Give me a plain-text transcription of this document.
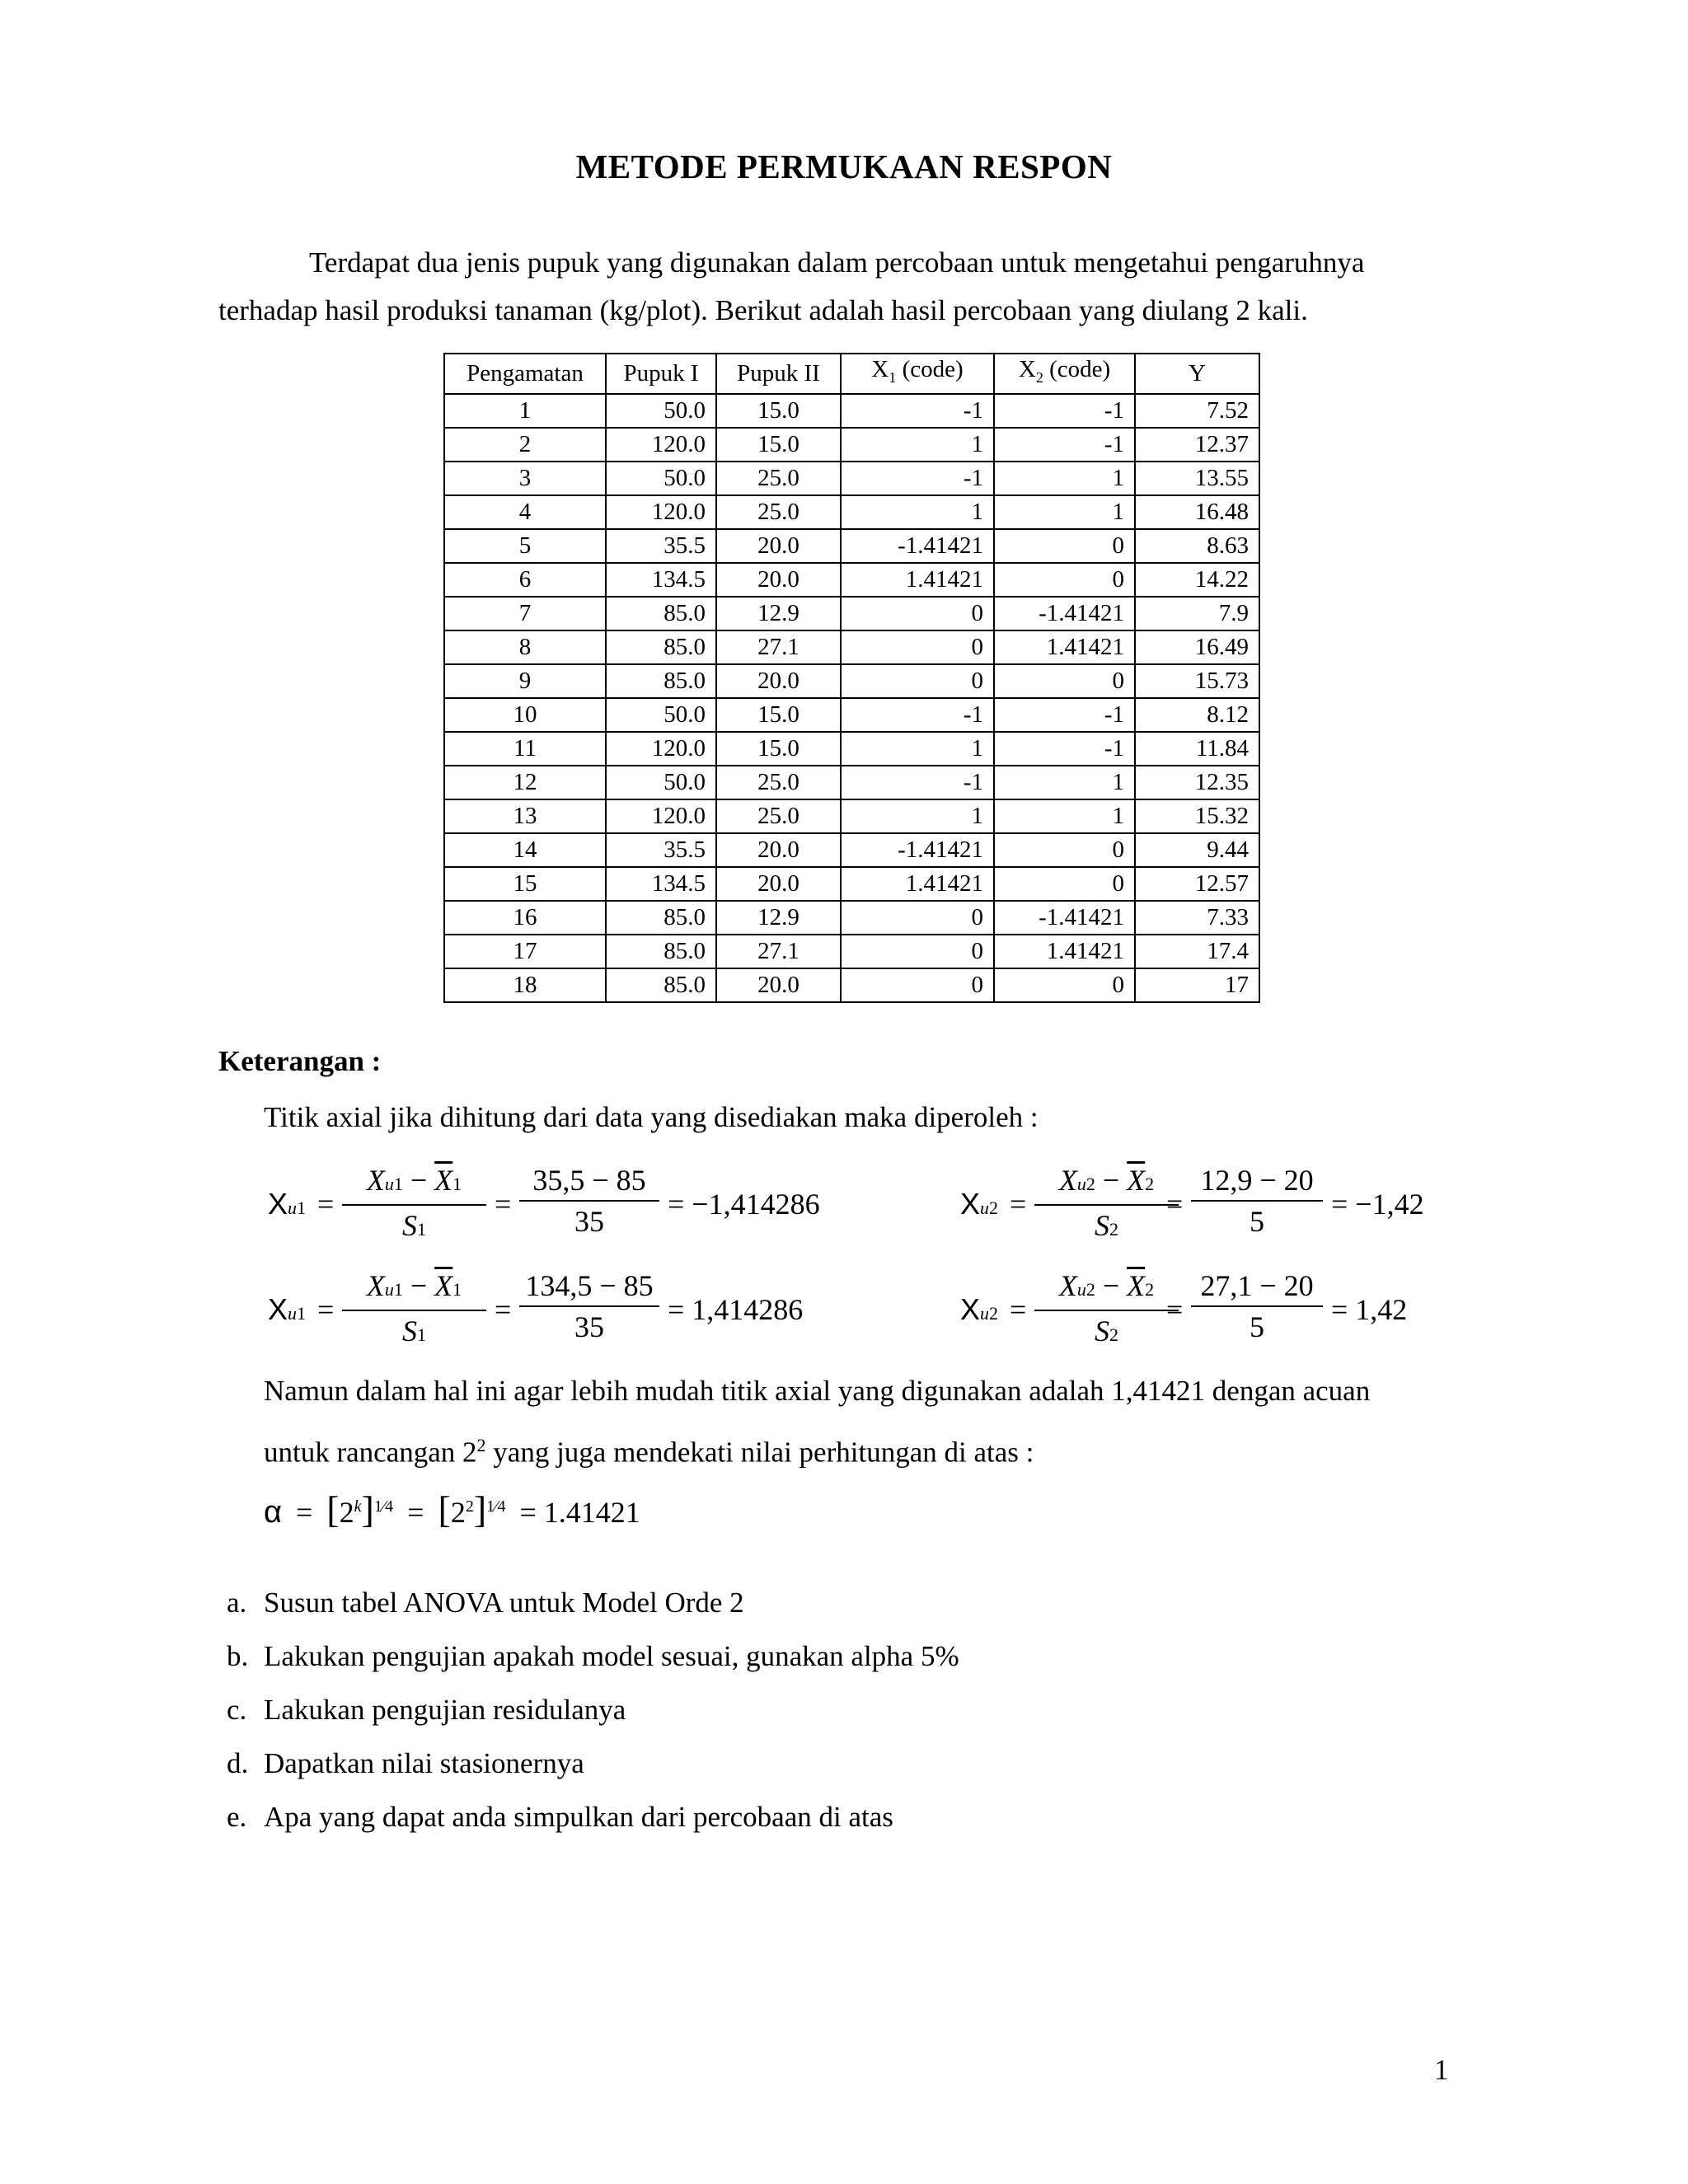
METODE PERMUKAAN RESPON
Terdapat dua jenis pupuk yang digunakan dalam percobaan untuk mengetahui pengaruhnya
terhadap hasil produksi tanaman (kg/plot). Berikut adalah hasil percobaan yang diulang 2 kali.
Pengamatan	Pupuk I	Pupuk II	$X_1$ (code)	$X_2$ (code)	Y
1	50.0	15.0	-1	-1	7.52
2	120.0	15.0	1	-1	12.37
3	50.0	25.0	-1	1	13.55
4	120.0	25.0	1	1	16.48
5	35.5	20.0	-1.41421	0	8.63
6	134.5	20.0	1.41421	0	14.22
7	85.0	12.9	0	-1.41421	7.9
8	85.0	27.1	0	1.41421	16.49
9	85.0	20.0	0	0	15.73
10	50.0	15.0	-1	-1	8.12
11	120.0	15.0	1	-1	11.84
12	50.0	25.0	-1	1	12.35
13	120.0	25.0	1	1	15.32
14	35.5	20.0	-1.41421	0	9.44
15	134.5	20.0	1.41421	0	12.57
16	85.0	12.9	0	-1.41421	7.33
17	85.0	27.1	0	1.41421	17.4
18	85.0	20.0	0	0	17
Keterangan :
Titik axial jika dihitung dari data yang disediakan maka diperoleh :
Xu1 =
$Xu1 - \overline{X}1$
S1
=
35,5 − 85
35
= −1,414286	Xu2 =
$Xu2 - \overline{X}2$
S2
=
12,9 − 20
5
= −1,42
Xu1 =
$Xu1 - \overline{X}1$
S1
=
134,5 − 85
35
= 1,414286	Xu2 =
$Xu2 - \overline{X}2$
S2
=
27,1 − 20
5
= 1,42
Namun dalam hal ini agar lebih mudah titik axial yang digunakan adalah 1,41421 dengan acuan
untuk rancangan $2^2$ yang juga mendekati nilai perhitungan di atas :
$\alpha = [2^k]^{1⁄4} = [2^2]^{1⁄4} = 1.41421$
a. Susun tabel ANOVA untuk Model Orde 2
b. Lakukan pengujian apakah model sesuai, gunakan alpha 5%
c. Lakukan pengujian residulanya
d. Dapatkan nilai stasionernya
e. Apa yang dapat anda simpulkan dari percobaan di atas
1
